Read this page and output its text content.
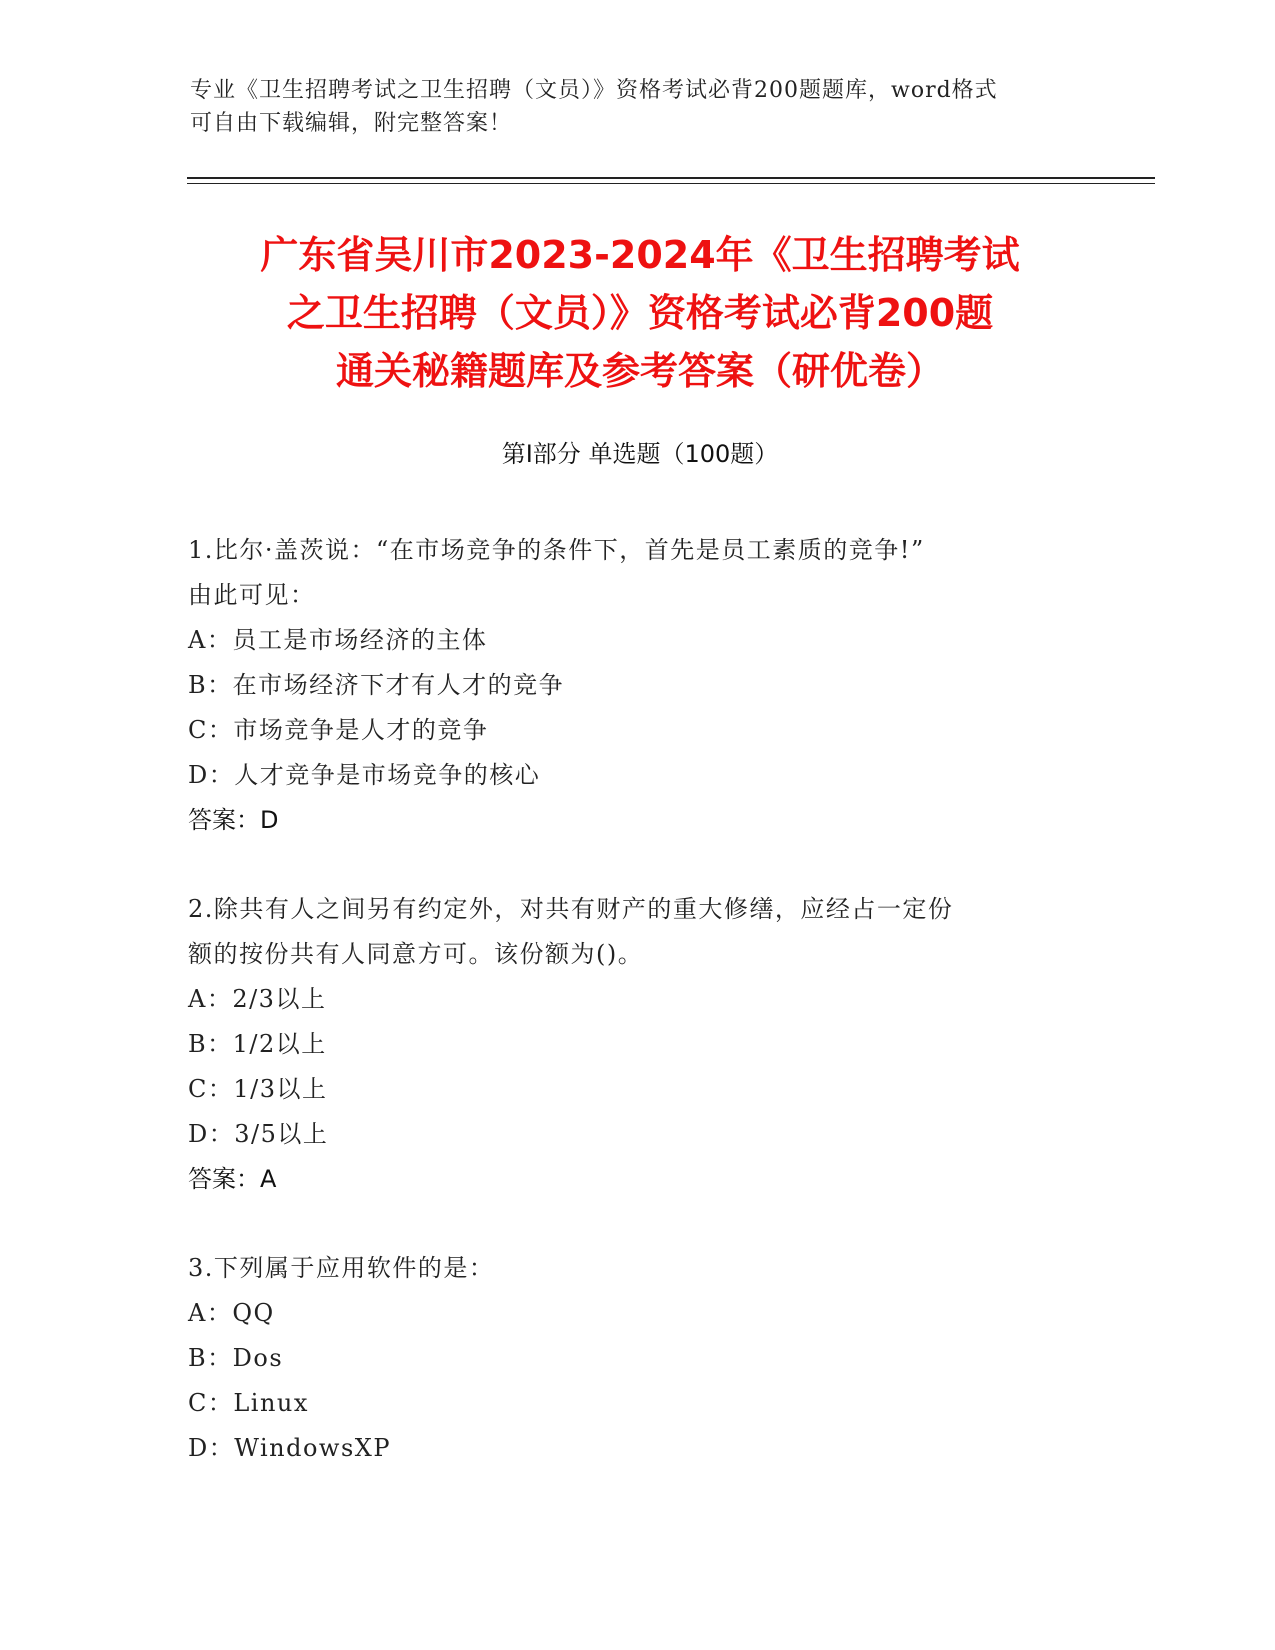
专业《卫生招聘考试之卫生招聘（文员）》资格考试必背200题题库，word格式
可自由下载编辑，附完整答案！
广东省吴川市2023-2024年《卫生招聘考试
之卫生招聘（文员）》资格考试必背200题
通关秘籍题库及参考答案（研优卷）
第I部分 单选题（100题）
1.比尔·盖茨说：“在市场竞争的条件下，首先是员工素质的竞争!”
由此可见：
A：员工是市场经济的主体
B：在市场经济下才有人才的竞争
C：市场竞争是人才的竞争
D：人才竞争是市场竞争的核心
答案：D
2.除共有人之间另有约定外，对共有财产的重大修缮，应经占一定份
额的按份共有人同意方可。该份额为()。
A：2/3以上
B：1/2以上
C：1/3以上
D：3/5以上
答案：A
3.下列属于应用软件的是：
A：QQ
B：Dos
C：Linux
D：WindowsXP
